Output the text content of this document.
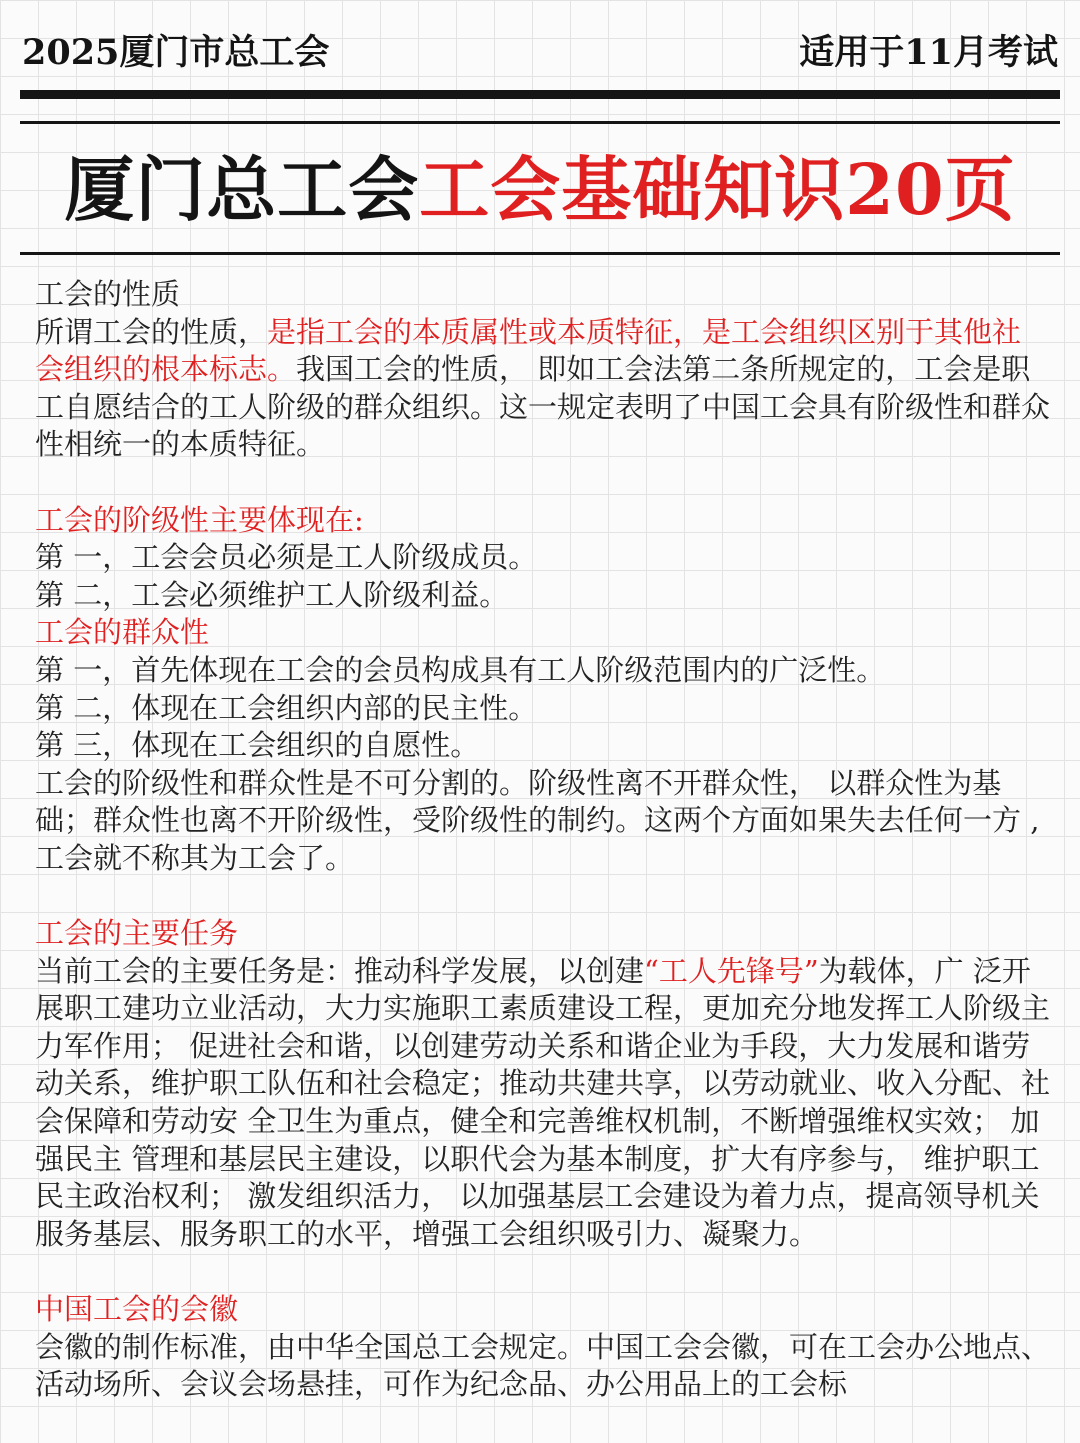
2025厦门市总工会	适用于11月考试
厦门总工会工会基础知识20页

工会的性质

所谓工会的性质，是指工会的本质属性或本质特征，是工会组织区别于其他社会组织的根本标志。我国工会的性质， 即如工会法第二条所规定的，工会是职工自愿结合的工人阶级的群众组织。这一规定表明了中国工会具有阶级性和群众性相统一的本质特征。

工会的阶级性主要体现在:

第 一，工会会员必须是工人阶级成员。

第 二，工会必须维护工人阶级利益。

工会的群众性

第 一，首先体现在工会的会员构成具有工人阶级范围内的广泛性。

第 二，体现在工会组织内部的民主性。

第 三，体现在工会组织的自愿性。

工会的阶级性和群众性是不可分割的。阶级性离不开群众性， 以群众性为基础；群众性也离不开阶级性，受阶级性的制约。这两个方面如果失去任何一方 ,工会就不称其为工会了。

工会的主要任务

当前工会的主要任务是：推动科学发展，以创建“工人先锋号”为载体，广 泛开展职工建功立业活动，大力实施职工素质建设工程，更加充分地发挥工人阶级主力军作用； 促进社会和谐，以创建劳动关系和谐企业为手段，大力发展和谐劳动关系，维护职工队伍和社会稳定；推动共建共享，以劳动就业、收入分配、社会保障和劳动安 全卫生为重点，健全和完善维权机制，不断增强维权实效； 加强民主 管理和基层民主建设，以职代会为基本制度，扩大有序参与， 维护职工民主政治权利； 激发组织活力， 以加强基层工会建设为着力点，提高领导机关服务基层、服务职工的水平，增强工会组织吸引力、凝聚力。

中国工会的会徽

会徽的制作标准，由中华全国总工会规定。中国工会会徽，可在工会办公地点、活动场所、会议会场悬挂，可作为纪念品、办公用品上的工会标
